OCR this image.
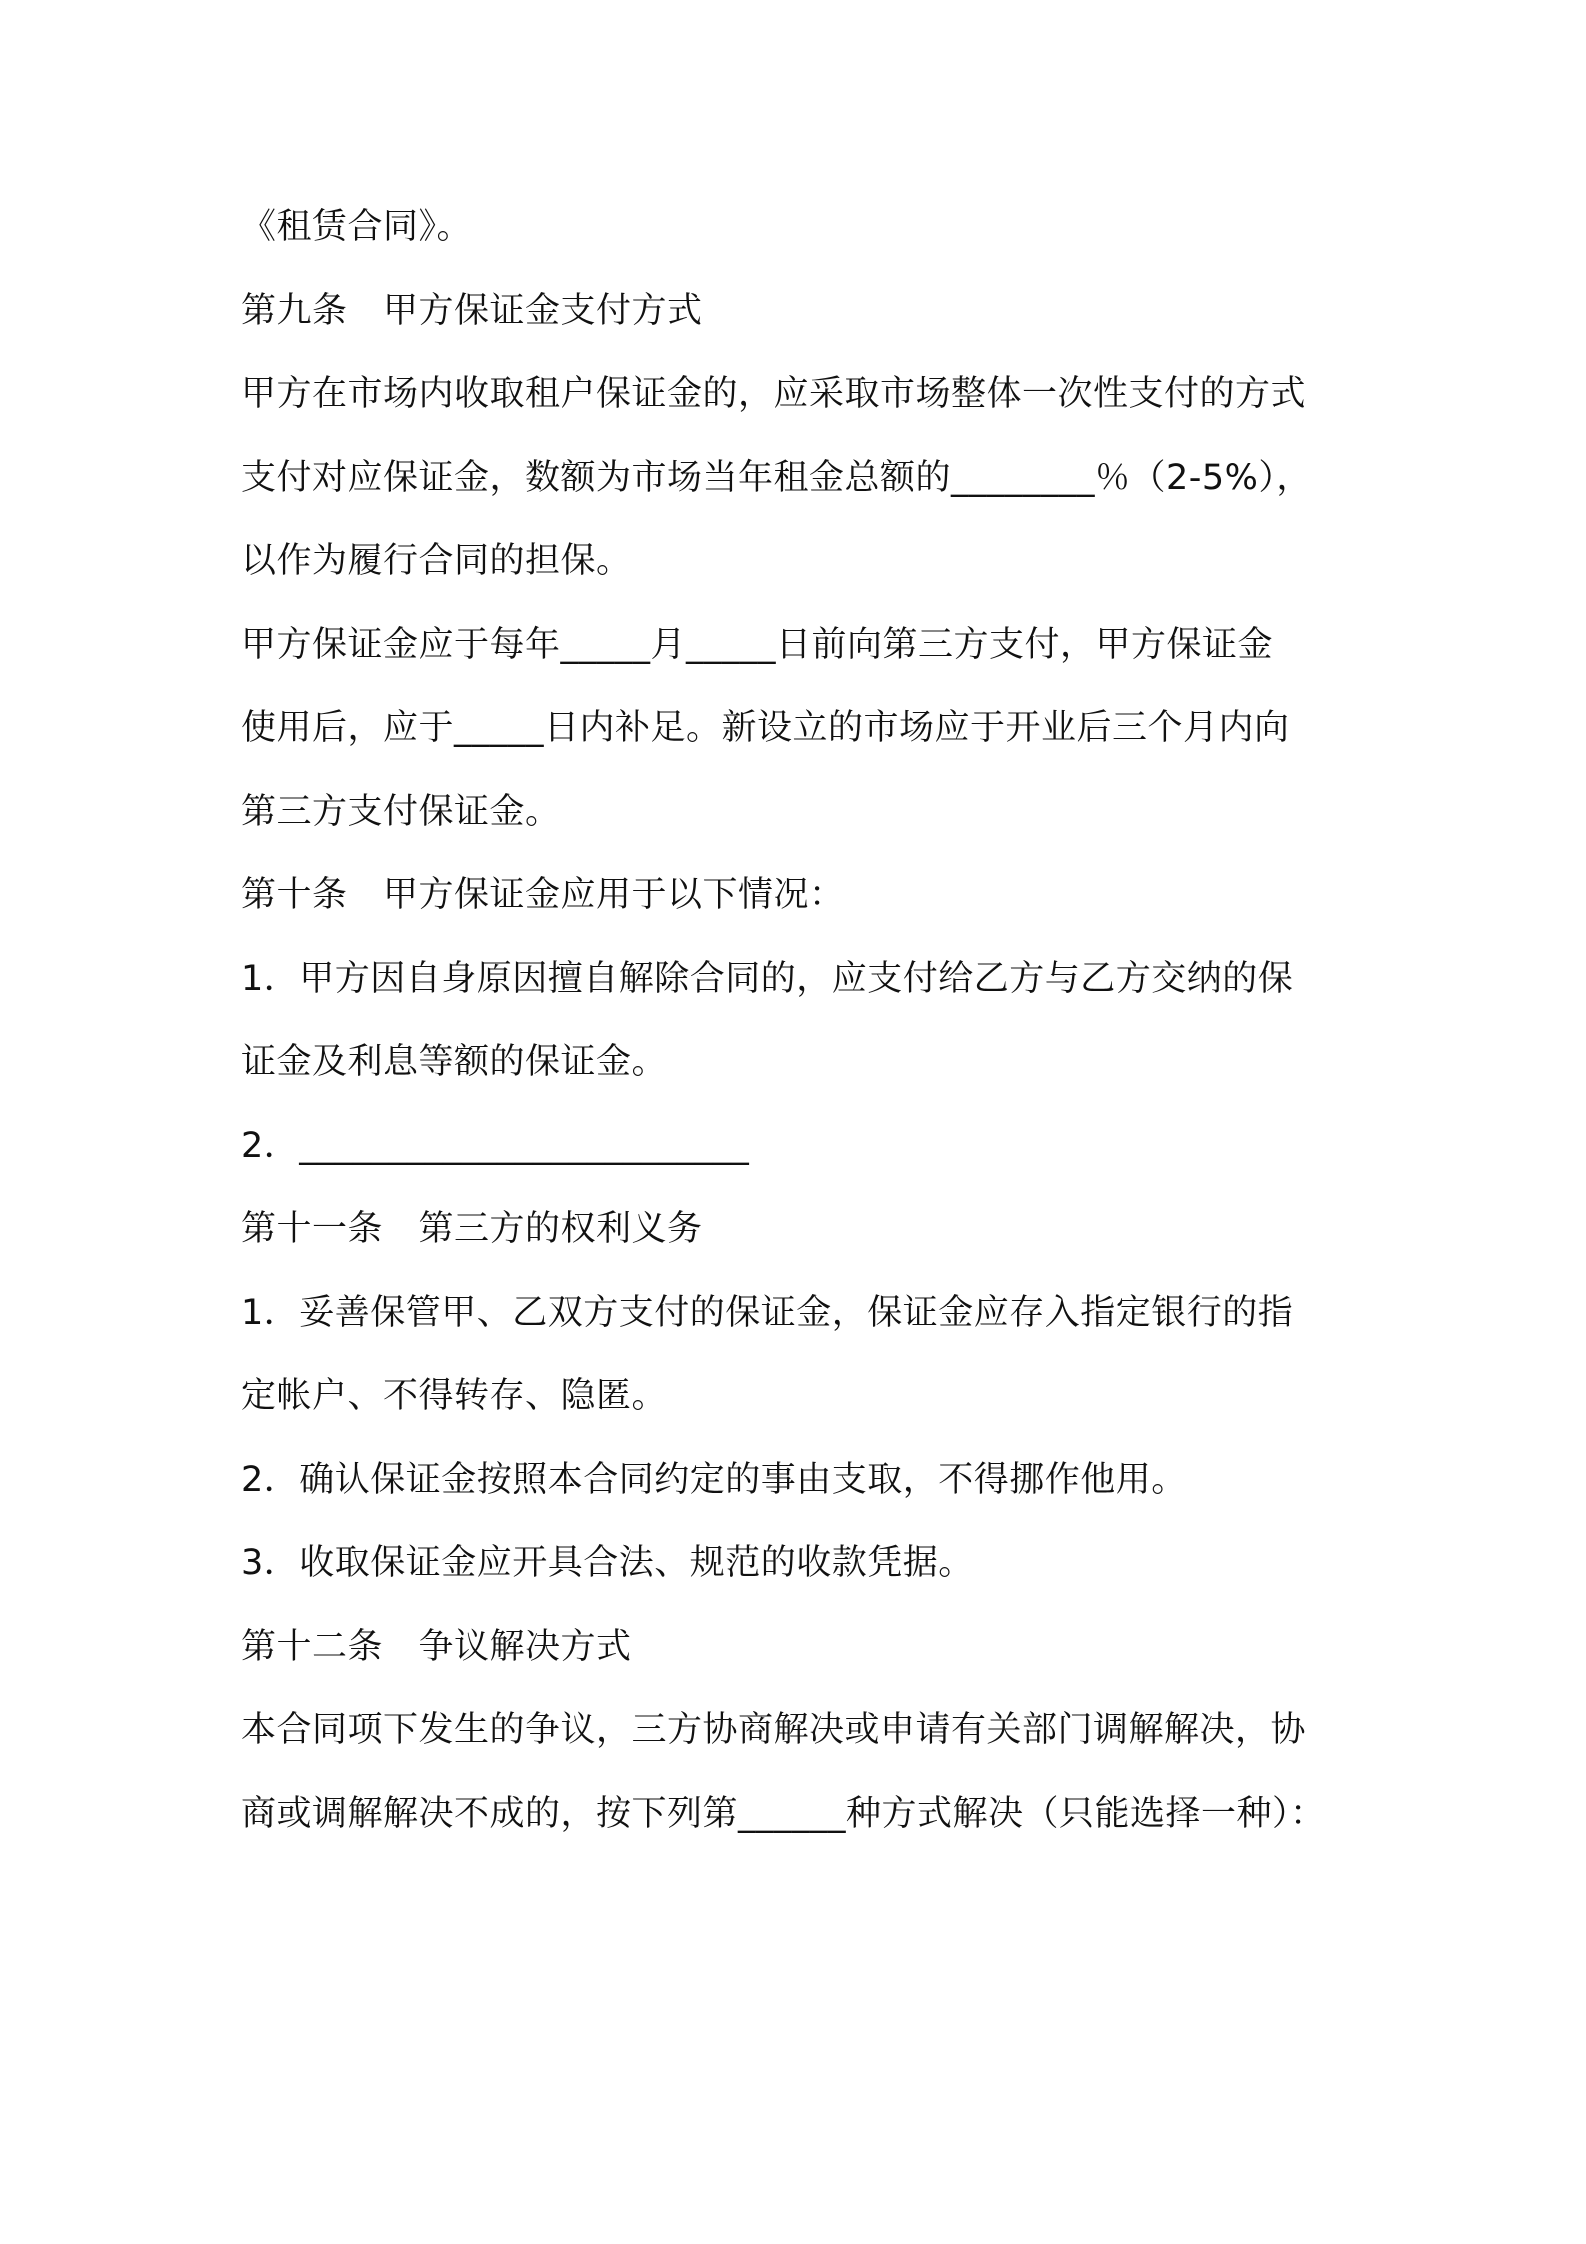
《租赁合同》。
第九条　甲方保证金支付方式
甲方在市场内收取租户保证金的，应采取市场整体一次性支付的方式
支付对应保证金，数额为市场当年租金总额的________％（2-5%），
以作为履行合同的担保。
甲方保证金应于每年_____月_____日前向第三方支付，甲方保证金
使用后，应于_____日内补足。新设立的市场应于开业后三个月内向
第三方支付保证金。
第十条　甲方保证金应用于以下情况：
1．甲方因自身原因擅自解除合同的，应支付给乙方与乙方交纳的保
证金及利息等额的保证金。
2．_________________________
第十一条　第三方的权利义务
1．妥善保管甲、乙双方支付的保证金，保证金应存入指定银行的指
定帐户、不得转存、隐匿。
2．确认保证金按照本合同约定的事由支取，不得挪作他用。
3．收取保证金应开具合法、规范的收款凭据。
第十二条　争议解决方式
本合同项下发生的争议，三方协商解决或申请有关部门调解解决，协
商或调解解决不成的，按下列第______种方式解决（只能选择一种）：
